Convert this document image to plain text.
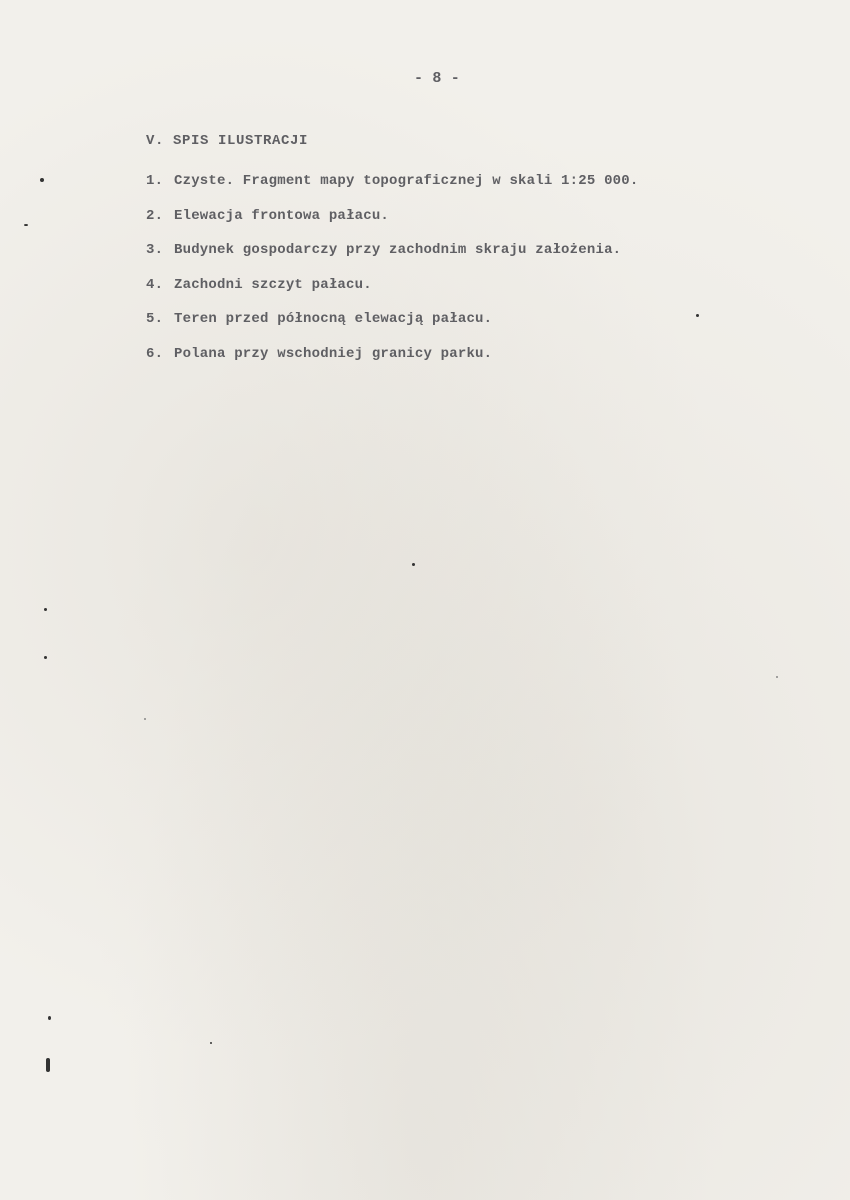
- 8 -
V. SPIS ILUSTRACJI
1. Czyste. Fragment mapy topograficznej w skali 1:25 000.
2. Elewacja frontowa pałacu.
3. Budynek gospodarczy przy zachodnim skraju założenia.
4. Zachodni szczyt pałacu.
5. Teren przed północną elewacją pałacu.
6. Polana przy wschodniej granicy parku.
